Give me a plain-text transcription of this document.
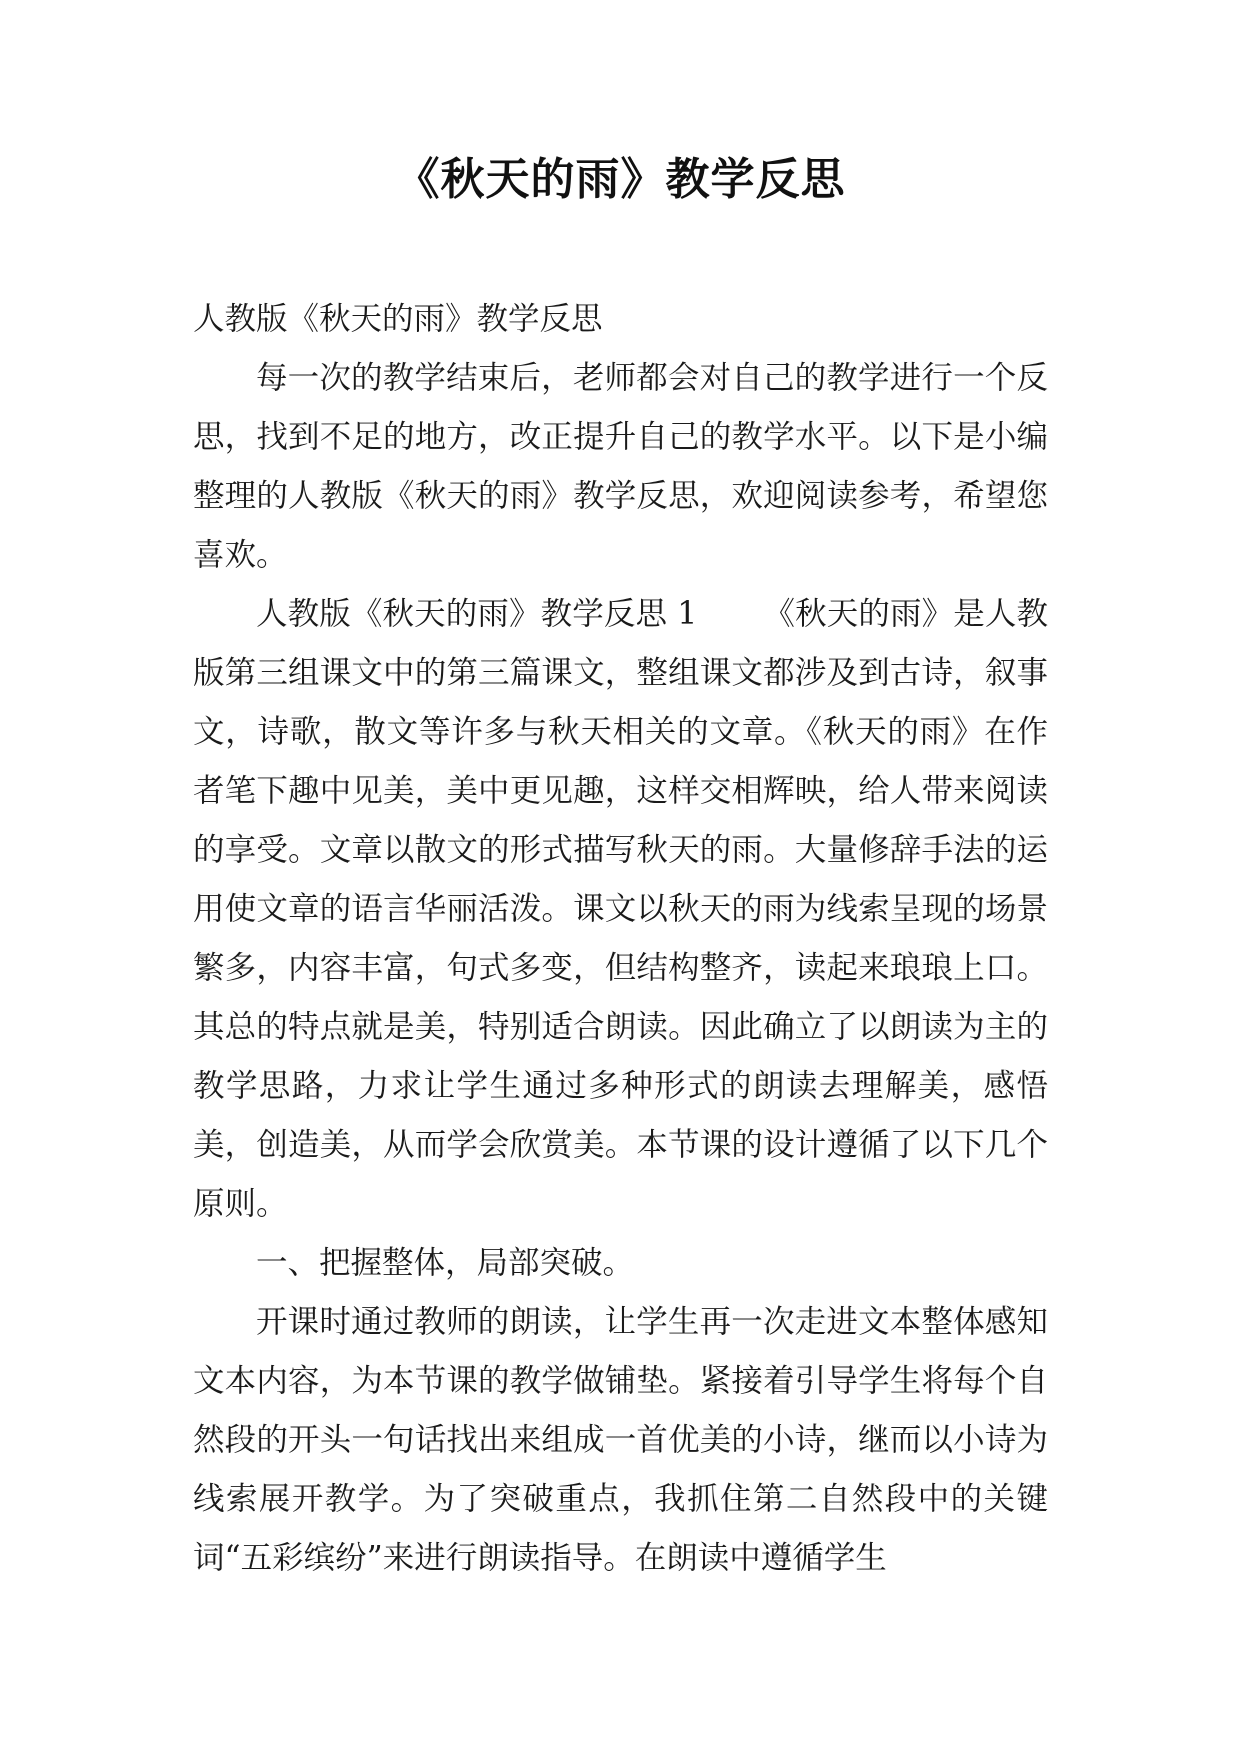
《秋天的雨》教学反思

人教版《秋天的雨》教学反思

每一次的教学结束后，老师都会对自己的教学进行一个反思，找到不足的地方，改正提升自己的教学水平。以下是小编整理的人教版《秋天的雨》教学反思，欢迎阅读参考，希望您喜欢。

人教版《秋天的雨》教学反思 1 《秋天的雨》是人教版第三组课文中的第三篇课文，整组课文都涉及到古诗，叙事文，诗歌，散文等许多与秋天相关的文章。《秋天的雨》在作者笔下趣中见美，美中更见趣，这样交相辉映，给人带来阅读的享受。文章以散文的形式描写秋天的雨。大量修辞手法的运用使文章的语言华丽活泼。课文以秋天的雨为线索呈现的场景繁多，内容丰富，句式多变，但结构整齐，读起来琅琅上口。其总的特点就是美，特别适合朗读。因此确立了以朗读为主的教学思路，力求让学生通过多种形式的朗读去理解美，感悟美，创造美，从而学会欣赏美。本节课的设计遵循了以下几个原则。

一、把握整体，局部突破。

开课时通过教师的朗读，让学生再一次走进文本整体感知文本内容，为本节课的教学做铺垫。紧接着引导学生将每个自然段的开头一句话找出来组成一首优美的小诗，继而以小诗为线索展开教学。为了突破重点，我抓住第二自然段中的关键词“五彩缤纷”来进行朗读指导。在朗读中遵循学生
